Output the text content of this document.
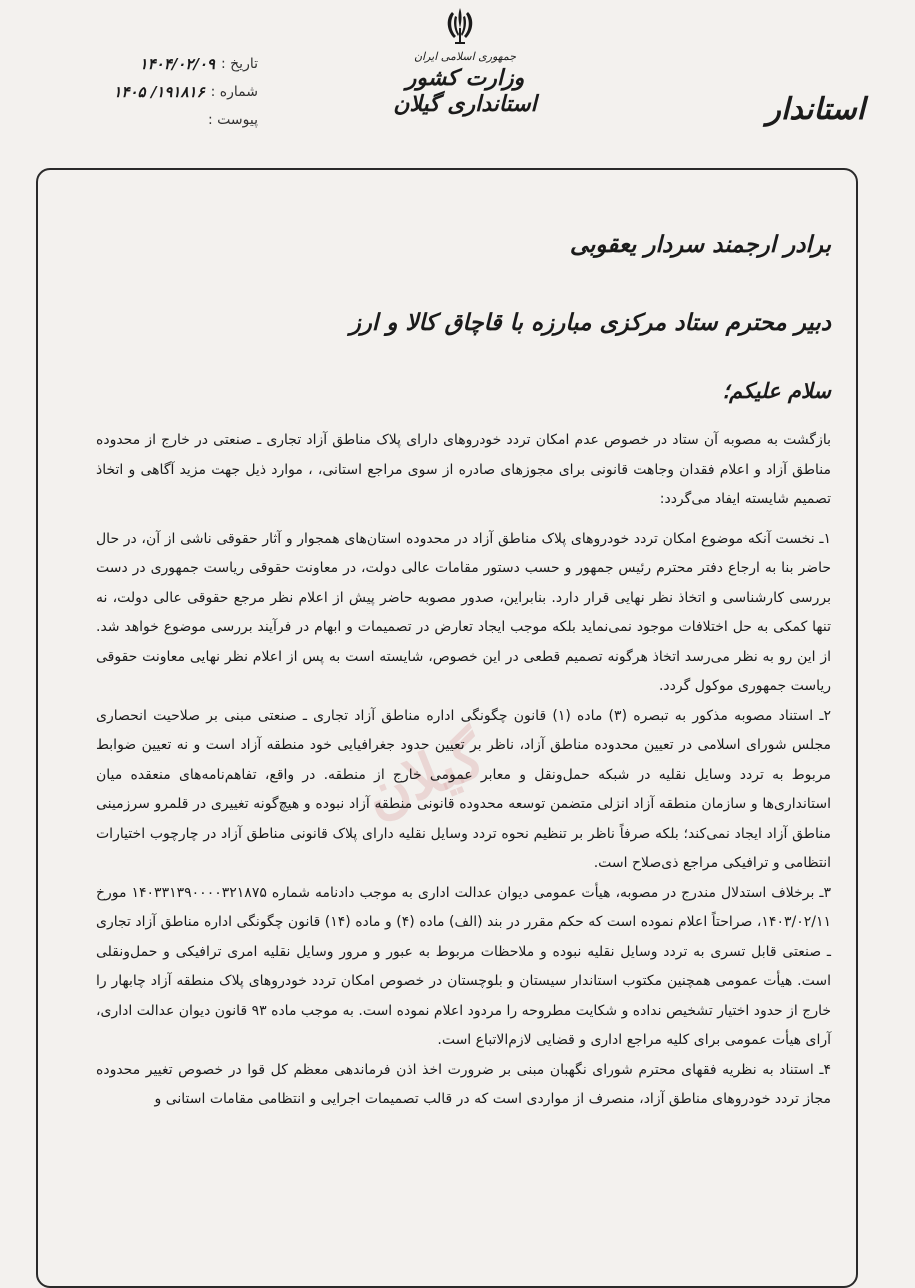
تاریخ :
۱۴۰۴/۰۲/۰۹
شماره :
۱۹۱۸۱۶/ ۱۴۰۵
پیوست :
جمهوری اسلامی ایران
وزارت کشور
استانداری گیلان	استاندار
گیلان

برادر ارجمند سردار یعقوبی

دبیر محترم ستاد مرکزی مبارزه با قاچاق کالا و ارز

سلام علیکم؛

بازگشت به مصوبه آن ستاد در خصوص عدم امکان تردد خودروهای دارای پلاک مناطق آزاد تجاری ـ صنعتی در خارج از محدوده مناطق آزاد و اعلام فقدان وجاهت قانونی برای مجوزهای صادره از سوی مراجع استانی، ، موارد ذیل جهت مزید آگاهی و اتخاذ تصمیم شایسته ایفاد می‌گردد:

۱ـ نخست آنکه موضوع امکان تردد خودروهای پلاک مناطق آزاد در محدوده استان‌های همجوار و آثار حقوقی ناشی از آن، در حال حاضر بنا به ارجاع دفتر محترم رئیس جمهور و حسب دستور مقامات عالی دولت، در معاونت حقوقی ریاست جمهوری در دست بررسی کارشناسی و اتخاذ نظر نهایی قرار دارد. بنابراین، صدور مصوبه حاضر پیش از اعلام نظر مرجع حقوقی عالی دولت، نه تنها کمکی به حل اختلافات موجود نمی‌نماید بلکه موجب ایجاد تعارض در تصمیمات و ابهام در فرآیند بررسی موضوع خواهد شد. از این رو به نظر می‌رسد اتخاذ هرگونه تصمیم قطعی در این خصوص، شایسته است به پس از اعلام نظر نهایی معاونت حقوقی ریاست جمهوری موکول گردد.

۲ـ استناد مصوبه مذکور به تبصره (۳) ماده (۱) قانون چگونگی اداره مناطق آزاد تجاری ـ صنعتی مبنی بر صلاحیت انحصاری مجلس شورای اسلامی در تعیین محدوده مناطق آزاد، ناظر بر تعیین حدود جغرافیایی خود منطقه آزاد است و نه تعیین ضوابط مربوط به تردد وسایل نقلیه در شبکه حمل‌ونقل و معابر عمومی خارج از منطقه. در واقع، تفاهم‌نامه‌های منعقده میان استانداری‌ها و سازمان منطقه آزاد انزلی متضمن توسعه محدوده قانونی منطقه آزاد نبوده و هیچ‌گونه تغییری در قلمرو سرزمینی مناطق آزاد ایجاد نمی‌کند؛ بلکه صرفاً ناظر بر تنظیم نحوه تردد وسایل نقلیه دارای پلاک قانونی مناطق آزاد در چارچوب اختیارات انتظامی و ترافیکی مراجع ذی‌صلاح است.

۳ـ برخلاف استدلال مندرج در مصوبه، هیأت عمومی دیوان عدالت اداری به موجب دادنامه شماره ۱۴۰۳۳۱۳۹۰۰۰۰۳۲۱۸۷۵ مورخ ۱۴۰۳/۰۲/۱۱، صراحتاً اعلام نموده است که حکم مقرر در بند (الف) ماده (۴) و ماده (۱۴) قانون چگونگی اداره مناطق آزاد تجاری ـ صنعتی قابل تسری به تردد وسایل نقلیه نبوده و ملاحظات مربوط به عبور و مرور وسایل نقلیه امری ترافیکی و حمل‌ونقلی است. هیأت عمومی همچنین مکتوب استاندار سیستان و بلوچستان در خصوص امکان تردد خودروهای پلاک منطقه آزاد چابهار را خارج از حدود اختیار تشخیص نداده و شکایت مطروحه را مردود اعلام نموده است. به موجب ماده ۹۳ قانون دیوان عدالت اداری، آرای هیأت عمومی برای کلیه مراجع اداری و قضایی لازم‌الاتباع است.

۴ـ استناد به نظریه فقهای محترم شورای نگهبان مبنی بر ضرورت اخذ اذن فرماندهی معظم کل قوا در خصوص تغییر محدوده مجاز تردد خودروهای مناطق آزاد، منصرف از مواردی است که در قالب تصمیمات اجرایی و انتظامی مقامات استانی و
